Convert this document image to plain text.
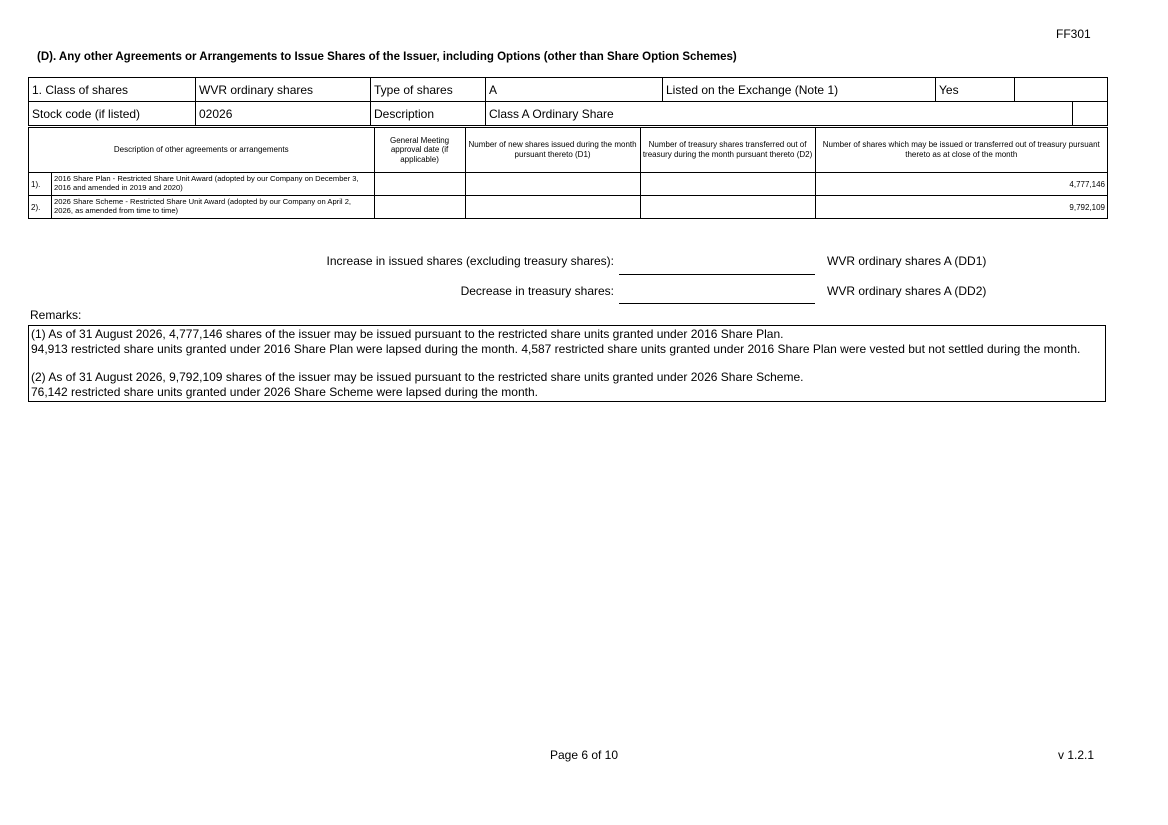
FF301
(D). Any other Agreements or Arrangements to Issue Shares of the Issuer, including Options (other than Share Option Schemes)
1. Class of shares	WVR ordinary shares	Type of shares	A	Listed on the Exchange (Note 1)	Yes	
Stock code (if listed)	02026	Description	Class A Ordinary Share	
Description of other agreements or arrangements		General Meeting approval date (if applicable)	Number of new shares issued during the month pursuant thereto (D1)	Number of treasury shares transferred out of treasury during the month pursuant thereto (D2)	Number of shares which may be issued or transferred out of treasury pursuant thereto as at close of the month
1).	2016 Share Plan - Restricted Share Unit Award (adopted by our Company on December 3, 2016 and amended in 2019 and 2020)				4,777,146
2).	2026 Share Scheme - Restricted Share Unit Award (adopted by our Company on April 2, 2026, as amended from time to time)				9,792,109
Increase in issued shares (excluding treasury shares):	WVR ordinary shares A (DD1)
Decrease in treasury shares:	WVR ordinary shares A (DD2)
Remarks:

(1) As of 31 August 2026, 4,777,146 shares of the issuer may be issued pursuant to the restricted share units granted under 2016 Share Plan.

94,913 restricted share units granted under 2016 Share Plan were lapsed during the month. 4,587 restricted share units granted under 2016 Share Plan were vested but not settled during the month.

(2) As of 31 August 2026, 9,792,109 shares of the issuer may be issued pursuant to the restricted share units granted under 2026 Share Scheme.

76,142 restricted share units granted under 2026 Share Scheme were lapsed during the month.

Page 6 of 10	v 1.2.1
